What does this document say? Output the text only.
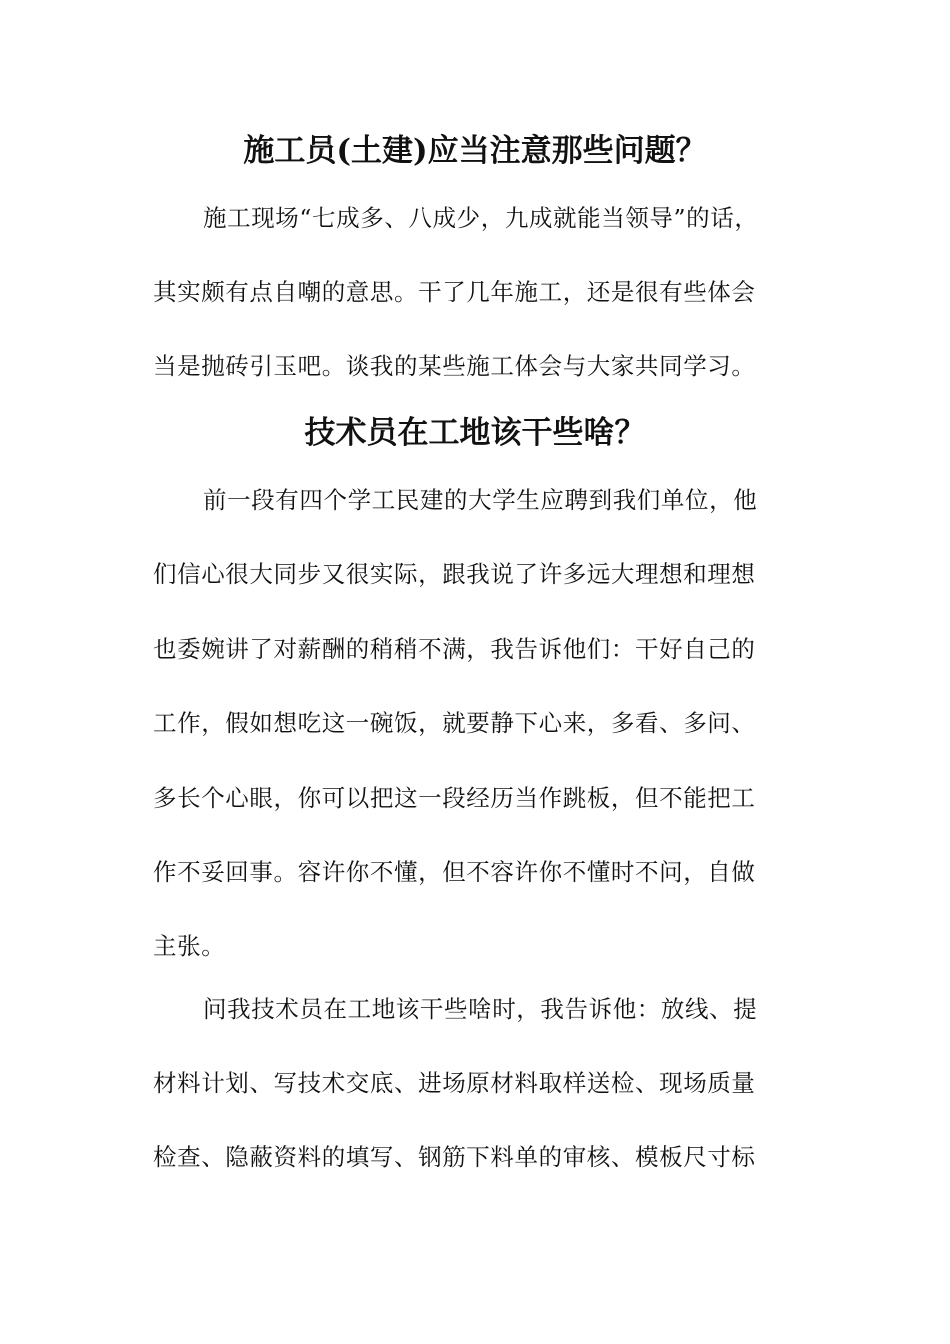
施工员(土建)应当注意那些问题？

施工现场“七成多、八成少，九成就能当领导”的话，

其实颇有点自嘲的意思。干了几年施工，还是很有些体会

当是抛砖引玉吧。谈我的某些施工体会与大家共同学习。

技术员在工地该干些啥？

前一段有四个学工民建的大学生应聘到我们单位，他

们信心很大同步又很实际，跟我说了许多远大理想和理想

也委婉讲了对薪酬的稍稍不满，我告诉他们：干好自己的

工作，假如想吃这一碗饭，就要静下心来，多看、多问、

多长个心眼，你可以把这一段经历当作跳板，但不能把工

作不妥回事。容许你不懂，但不容许你不懂时不问，自做

主张。

问我技术员在工地该干些啥时，我告诉他：放线、提

材料计划、写技术交底、进场原材料取样送检、现场质量

检查、隐蔽资料的填写、钢筋下料单的审核、模板尺寸标
